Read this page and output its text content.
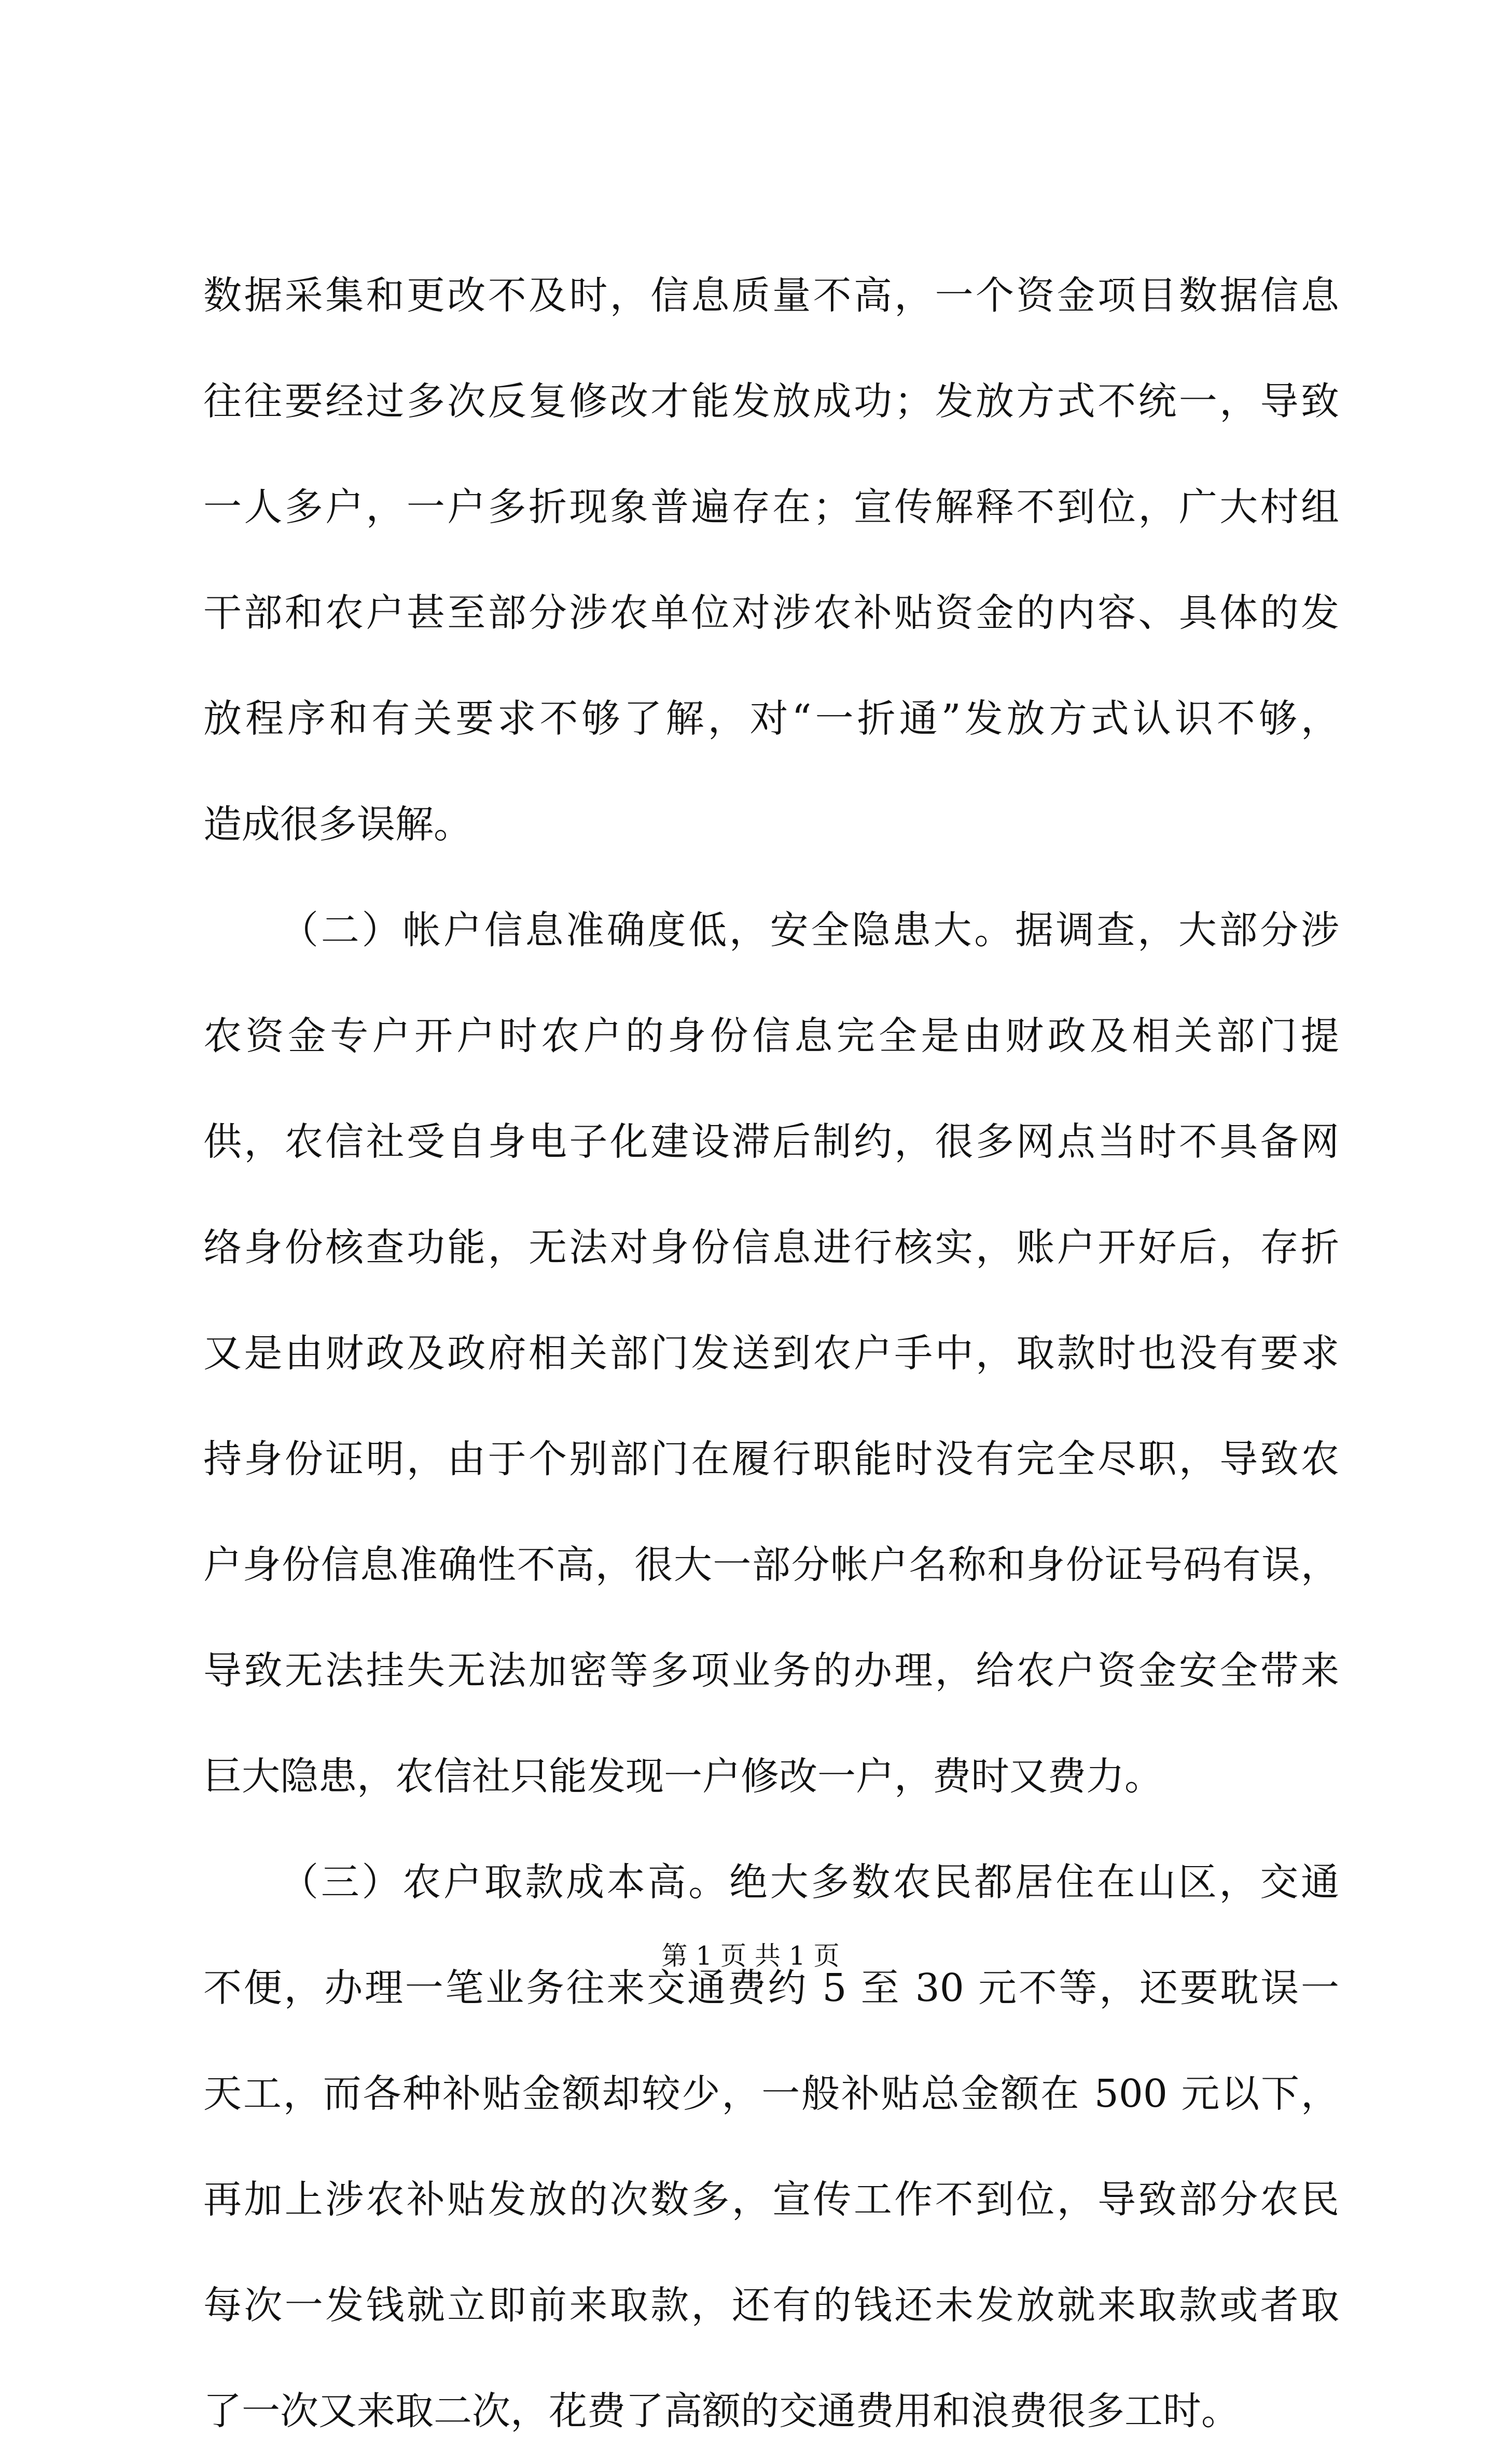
数据采集和更改不及时，信息质量不高，一个资金项目数据信息
往往要经过多次反复修改才能发放成功；发放方式不统一，导致
一人多户，一户多折现象普遍存在；宣传解释不到位，广大村组
干部和农户甚至部分涉农单位对涉农补贴资金的内容、具体的发
放程序和有关要求不够了解，对“一折通”发放方式认识不够，
造成很多误解。
（二）帐户信息准确度低，安全隐患大。据调查，大部分涉
农资金专户开户时农户的身份信息完全是由财政及相关部门提
供，农信社受自身电子化建设滞后制约，很多网点当时不具备网
络身份核查功能，无法对身份信息进行核实，账户开好后，存折
又是由财政及政府相关部门发送到农户手中，取款时也没有要求
持身份证明，由于个别部门在履行职能时没有完全尽职，导致农
户身份信息准确性不高，很大一部分帐户名称和身份证号码有误，
导致无法挂失无法加密等多项业务的办理，给农户资金安全带来
巨大隐患，农信社只能发现一户修改一户，费时又费力。
（三）农户取款成本高。绝大多数农民都居住在山区，交通
不便，办理一笔业务往来交通费约 5 至 30 元不等，还要耽误一
天工，而各种补贴金额却较少，一般补贴总金额在 500 元以下，
再加上涉农补贴发放的次数多，宣传工作不到位，导致部分农民
每次一发钱就立即前来取款，还有的钱还未发放就来取款或者取
了一次又来取二次，花费了高额的交通费用和浪费很多工时。
第 1 页 共 1 页
